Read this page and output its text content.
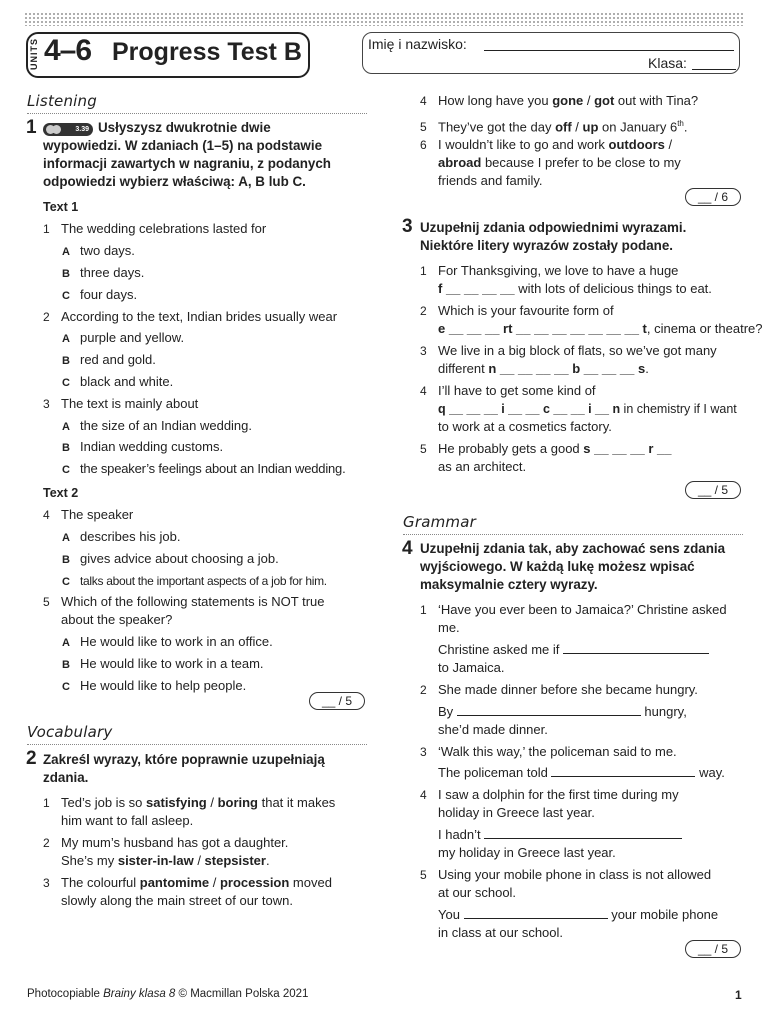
UNITS 4–6 Progress Test B	Imię i nazwisko:
Klasa:
Listening
1	3.39 Usłyszysz dwukrotnie dwie
wypowiedzi. W zdaniach (1–5) na podstawie
informacji zawartych w nagraniu, z podanych
odpowiedzi wybierz właściwą: A, B lub C.
Text 1
1 The wedding celebrations lasted for
A two days.
B three days.
C four days.
2 According to the text, Indian brides usually wear
A purple and yellow.
B red and gold.
C black and white.
3 The text is mainly about
A the size of an Indian wedding.
B Indian wedding customs.
C the speaker’s feelings about an Indian wedding.
Text 2
4 The speaker
A describes his job.
B gives advice about choosing a job.
C talks about the important aspects of a job for him.
5 Which of the following statements is NOT true
about the speaker?
A He would like to work in an office.
B He would like to work in a team.
C He would like to help people.
__ / 5
Vocabulary
2 Zakreśl wyrazy, które poprawnie uzupełniają
zdania.
1 Ted’s job is so satisfying / boring that it makes
him want to fall asleep.
2 My mum’s husband has got a daughter.
She’s my sister-in-law / stepsister.
3 The colourful pantomime / procession moved
slowly along the main street of our town.
4 How long have you gone / got out with Tina?
5 They’ve got the day off / up on January 6th.
6 I wouldn’t like to go and work outdoors /
abroad because I prefer to be close to my
friends and family.
__ / 6
3 Uzupełnij zdania odpowiednimi wyrazami.
Niektóre litery wyrazów zostały podane.
1 For Thanksgiving, we love to have a huge
f __ __ __ __ with lots of delicious things to eat.
2 Which is your favourite form of
e __ __ __ rt __ __ __ __ __ __ __ t, cinema or theatre?
3 We live in a big block of flats, so we’ve got many
different n __ __ __ __ b __ __ __ s.
4 I’ll have to get some kind of
q __ __ __ i __ __ c __ __ i __ n in chemistry if I want
to work at a cosmetics factory.
5 He probably gets a good s __ __ __ r __
as an architect.
__ / 5
Grammar
4 Uzupełnij zdania tak, aby zachować sens zdania
wyjściowego. W każdą lukę możesz wpisać
maksymalnie cztery wyrazy.
1 ‘Have you ever been to Jamaica?’ Christine asked
me.
Christine asked me if
to Jamaica.
2 She made dinner before she became hungry.
By	hungry,
she’d made dinner.
3 ‘Walk this way,’ the policeman said to me.
The policeman told	way.
4 I saw a dolphin for the first time during my
holiday in Greece last year.
I hadn’t
my holiday in Greece last year.
5 Using your mobile phone in class is not allowed
at our school.
You	your mobile phone
in class at our school.
__ / 5
Photocopiable Brainy klasa 8 © Macmillan Polska 2021	1
